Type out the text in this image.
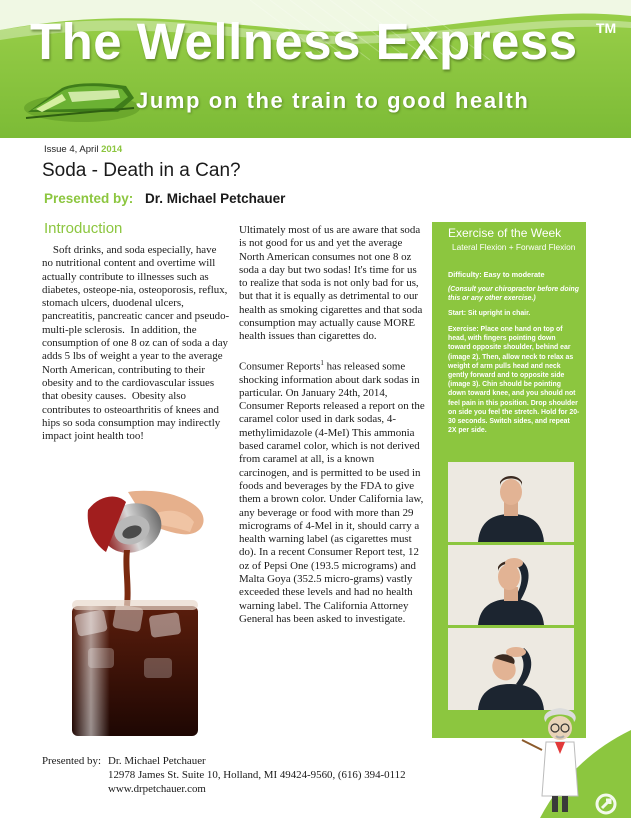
The Wellness Express TM
Jump on the train to good health
Issue 4, April 2014
Soda - Death in a Can?
Presented by: Dr. Michael Petchauer
Introduction

Soft drinks, and soda especially, have no nutritional content and overtime will actually contribute to illnesses such as diabetes, osteope-nia, osteoporosis, reflux, stomach ulcers, duodenal ulcers, pancreatitis, pancreatic cancer and pseudo-multi-ple sclerosis.  In addition, the consumption of one 8 oz can of soda a day adds 5 lbs of weight a year to the average North American, contributing to their obesity and to the cardiovascular issues that obesity causes.  Obesity also contributes to osteoarthritis of knees and hips so soda consumption may indirectly impact joint health too!

Ultimately most of us are aware that soda is not good for us and yet the average North American consumes not one 8 oz soda a day but two sodas! It's time for us to realize that soda is not only bad for us, but that it is equally as detrimental to our health as smoking cigarettes and that soda consumption may actually cause MORE health issues than cigarettes do.

Consumer Reports$^1$ has released some shocking information about dark sodas in particular. On January 24th, 2014, Consumer Reports released a report on the caramel color used in dark sodas, 4-methylimidazole (4-MeI) This ammonia based caramel color, which is not derived from caramel at all, is a known carcinogen, and is permitted to be used in foods and beverages by the FDA to give them a brown color. Under California law, any beverage or food with more than 29 micrograms of 4-Mel in it, should carry a health warning label (as cigarettes must do). In a recent Consumer Report test, 12 oz of Pepsi One (193.5 micrograms) and Malta Goya (352.5 micro-grams) vastly exceeded these levels and had no health warning label. The California Attorney General has been asked to investigate.

Exercise of the Week
Lateral Flexion + Forward Flexion
Difficulty: Easy to moderate
(Consult your chiropractor before doing this or any other exercise.)
Start: Sit upright in chair.
Exercise: Place one hand on top of head, with fingers pointing down toward opposite shoulder, behind ear (image 2). Then, allow neck to relax as weight of arm pulls head and neck gently forward and to opposite side (image 3). Chin should be pointing down toward knee, and you should not feel pain in this position. Drop shoulder on side you feel the stretch. Hold for 20-30 seconds. Switch sides, and repeat 2X per side.
Presented by: Dr. Michael Petchauer
12978 James St. Suite 10, Holland, MI 49424-9560, (616) 394-0112
www.drpetchauer.com
